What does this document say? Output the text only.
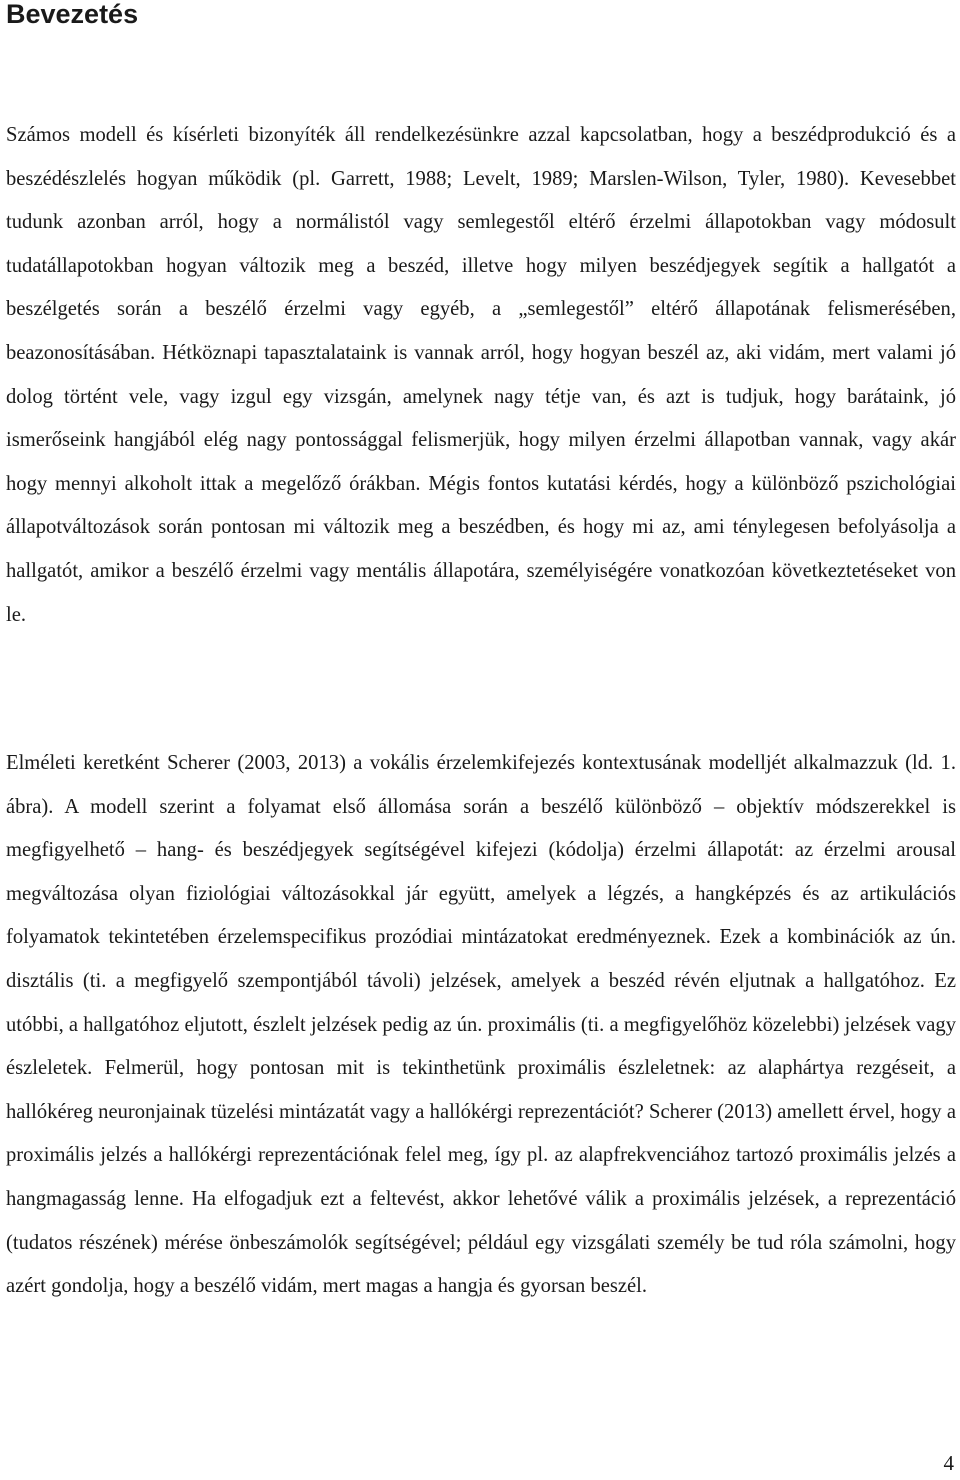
Bevezetés

Számos modell és kísérleti bizonyíték áll rendelkezésünkre azzal kapcsolatban, hogy a beszédprodukció és a beszédészlelés hogyan működik (pl. Garrett, 1988; Levelt, 1989; Marslen-Wilson, Tyler, 1980). Kevesebbet tudunk azonban arról, hogy a normálistól vagy semlegestől eltérő érzelmi állapotokban vagy módosult tudatállapotokban hogyan változik meg a beszéd, illetve hogy milyen beszédjegyek segítik a hallgatót a beszélgetés során a beszélő érzelmi vagy egyéb, a „semlegestől” eltérő állapotának felismerésében, beazonosításában. Hétköznapi tapasztalataink is vannak arról, hogy hogyan beszél az, aki vidám, mert valami jó dolog történt vele, vagy izgul egy vizsgán, amelynek nagy tétje van, és azt is tudjuk, hogy barátaink, jó ismerőseink hangjából elég nagy pontossággal felismerjük, hogy milyen érzelmi állapotban vannak, vagy akár hogy mennyi alkoholt ittak a megelőző órákban. Mégis fontos kutatási kérdés, hogy a különböző pszichológiai állapotváltozások során pontosan mi változik meg a beszédben, és hogy mi az, ami ténylegesen befolyásolja a hallgatót, amikor a beszélő érzelmi vagy mentális állapotára, személyiségére vonatkozóan következtetéseket von le.

Elméleti keretként Scherer (2003, 2013) a vokális érzelemkifejezés kontextusának modelljét alkalmazzuk (ld. 1. ábra). A modell szerint a folyamat első állomása során a beszélő különböző – objektív módszerekkel is megfigyelhető – hang- és beszédjegyek segítségével kifejezi (kódolja) érzelmi állapotát: az érzelmi arousal megváltozása olyan fiziológiai változásokkal jár együtt, amelyek a légzés, a hangképzés és az artikulációs folyamatok tekintetében érzelemspecifikus prozódiai mintázatokat eredményeznek. Ezek a kombinációk az ún. disztális (ti. a megfigyelő szempontjából távoli) jelzések, amelyek a beszéd révén eljutnak a hallgatóhoz. Ez utóbbi, a hallgatóhoz eljutott, észlelt jelzések pedig az ún. proximális (ti. a megfigyelőhöz közelebbi) jelzések vagy észleletek. Felmerül, hogy pontosan mit is tekinthetünk proximális észleletnek: az alaphártya rezgéseit, a hallókéreg neuronjainak tüzelési mintázatát vagy a hallókérgi reprezentációt? Scherer (2013) amellett érvel, hogy a proximális jelzés a hallókérgi reprezentációnak felel meg, így pl. az alapfrekvenciához tartozó proximális jelzés a hangmagasság lenne. Ha elfogadjuk ezt a feltevést, akkor lehetővé válik a proximális jelzések, a reprezentáció (tudatos részének) mérése önbeszámolók segítségével; például egy vizsgálati személy be tud róla számolni, hogy azért gondolja, hogy a beszélő vidám, mert magas a hangja és gyorsan beszél.

4
